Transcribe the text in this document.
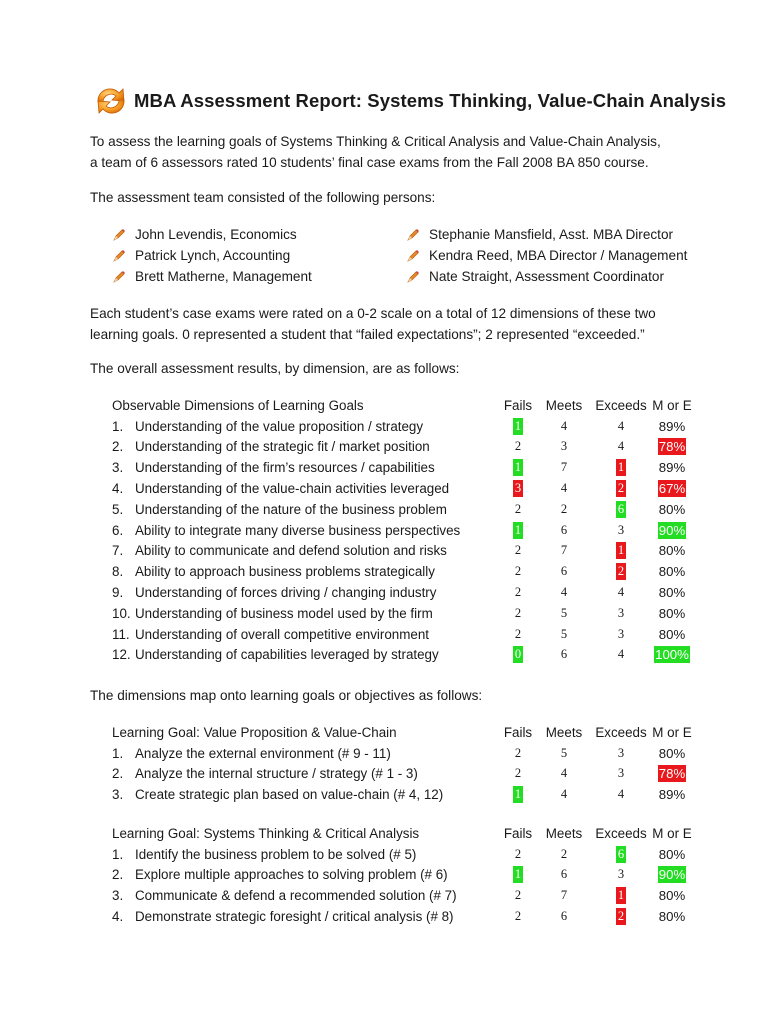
MBA Assessment Report: Systems Thinking, Value-Chain Analysis
To assess the learning goals of Systems Thinking & Critical Analysis and Value-Chain Analysis,
a team of 6 assessors rated 10 students’ final case exams from the Fall 2008 BA 850 course.
The assessment team consisted of the following persons:
John Levendis, Economics
Patrick Lynch, Accounting
Brett Matherne, Management
Stephanie Mansfield, Asst. MBA Director
Kendra Reed, MBA Director / Management
Nate Straight, Assessment Coordinator
Each student’s case exams were rated on a 0-2 scale on a total of 12 dimensions of these two
learning goals. 0 represented a student that “failed expectations”; 2 represented “exceeded.”
The overall assessment results, by dimension, are as follows:
Observable Dimensions of Learning Goals		Fails	Meets	Exceeds	M or E
1.	Understanding of the value proposition / strategy	1	4	4	89%
2.	Understanding of the strategic fit / market position	2	3	4	78%
3.	Understanding of the firm’s resources / capabilities	1	7	1	89%
4.	Understanding of the value-chain activities leveraged	3	4	2	67%
5.	Understanding of the nature of the business problem	2	2	6	80%
6.	Ability to integrate many diverse business perspectives	1	6	3	90%
7.	Ability to communicate and defend solution and risks	2	7	1	80%
8.	Ability to approach business problems strategically	2	6	2	80%
9.	Understanding of forces driving / changing industry	2	4	4	80%
10.	Understanding of business model used by the firm	2	5	3	80%
11.	Understanding of overall competitive environment	2	5	3	80%
12.	Understanding of capabilities leveraged by strategy	0	6	4	100%
The dimensions map onto learning goals or objectives as follows:
Learning Goal: Value Proposition & Value-Chain		Fails	Meets	Exceeds	M or E
1.	Analyze the external environment (# 9 - 11)	2	5	3	80%
2.	Analyze the internal structure / strategy (# 1 - 3)	2	4	3	78%
3.	Create strategic plan based on value-chain (# 4, 12)	1	4	4	89%
Learning Goal: Systems Thinking & Critical Analysis		Fails	Meets	Exceeds	M or E
1.	Identify the business problem to be solved (# 5)	2	2	6	80%
2.	Explore multiple approaches to solving problem (# 6)	1	6	3	90%
3.	Communicate & defend a recommended solution (# 7)	2	7	1	80%
4.	Demonstrate strategic foresight / critical analysis (# 8)	2	6	2	80%
